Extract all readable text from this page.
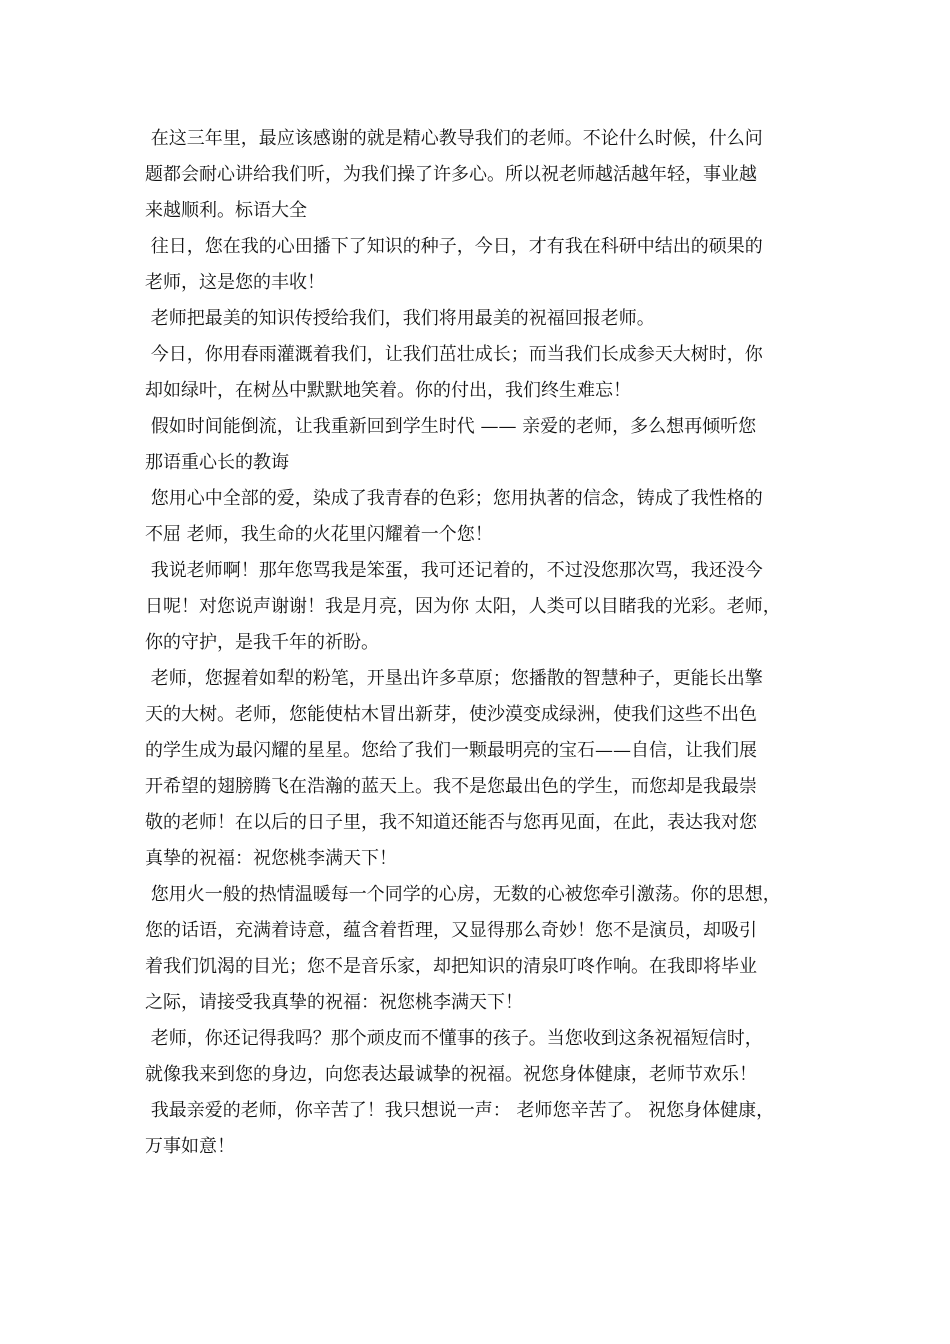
在这三年里，最应该感谢的就是精心教导我们的老师。不论什么时候，什么问
题都会耐心讲给我们听，为我们操了许多心。所以祝老师越活越年轻，事业越
来越顺利。标语大全
往日，您在我的心田播下了知识的种子，今日，才有我在科研中结出的硕果的
老师，这是您的丰收！
老师把最美的知识传授给我们，我们将用最美的祝福回报老师。
今日，你用春雨灌溉着我们，让我们茁壮成长；而当我们长成参天大树时，你
却如绿叶，在树丛中默默地笑着。你的付出，我们终生难忘！
假如时间能倒流，让我重新回到学生时代 —— 亲爱的老师，多么想再倾听您
那语重心长的教诲
您用心中全部的爱，染成了我青春的色彩；您用执著的信念，铸成了我性格的
不屈 老师，我生命的火花里闪耀着一个您！
我说老师啊！那年您骂我是笨蛋，我可还记着的，不过没您那次骂，我还没今
日呢！对您说声谢谢！我是月亮，因为你 太阳，人类可以目睹我的光彩。老师，
你的守护，是我千年的祈盼。
老师，您握着如犁的粉笔，开垦出许多草原；您播散的智慧种子，更能长出擎
天的大树。老师，您能使枯木冒出新芽，使沙漠变成绿洲，使我们这些不出色
的学生成为最闪耀的星星。您给了我们一颗最明亮的宝石——自信，让我们展
开希望的翅膀腾飞在浩瀚的蓝天上。我不是您最出色的学生，而您却是我最崇
敬的老师！在以后的日子里，我不知道还能否与您再见面，在此，表达我对您
真挚的祝福：祝您桃李满天下！
您用火一般的热情温暖每一个同学的心房，无数的心被您牵引激荡。你的思想，
您的话语，充满着诗意，蕴含着哲理，又显得那么奇妙！您不是演员，却吸引
着我们饥渴的目光；您不是音乐家，却把知识的清泉叮咚作响。在我即将毕业
之际，请接受我真挚的祝福：祝您桃李满天下！
老师，你还记得我吗？那个顽皮而不懂事的孩子。当您收到这条祝福短信时，
就像我来到您的身边，向您表达最诚挚的祝福。祝您身体健康，老师节欢乐！
我最亲爱的老师，你辛苦了！我只想说一声： 老师您辛苦了。 祝您身体健康，
万事如意！
